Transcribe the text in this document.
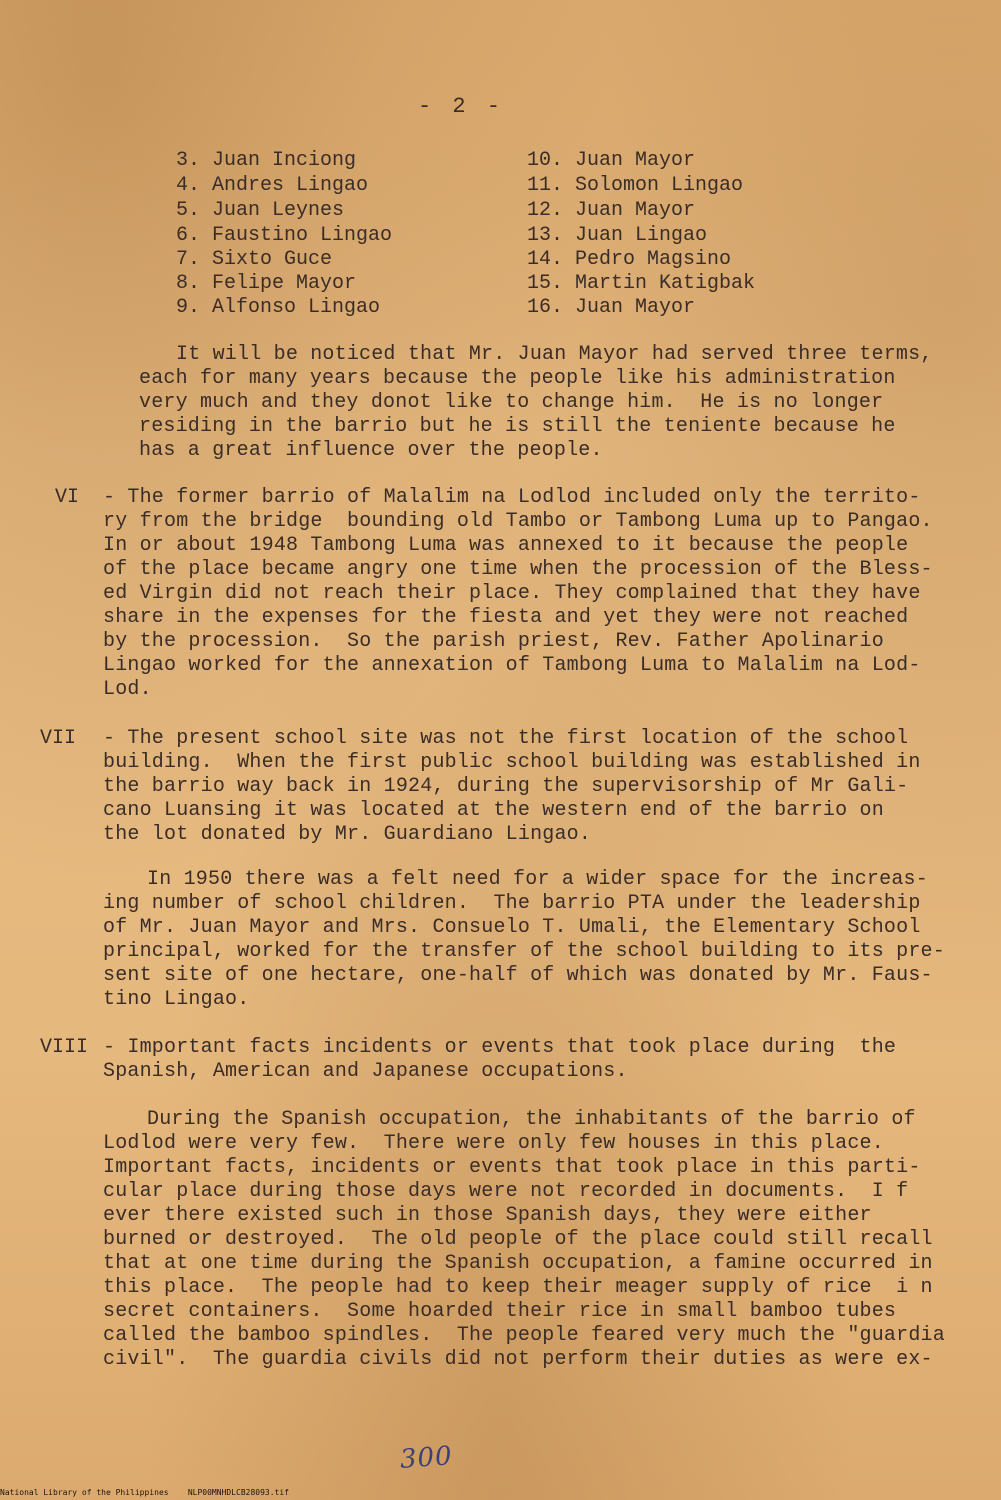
- 2 -
3. Juan Inciong
4. Andres Lingao
5. Juan Leynes
6. Faustino Lingao
7. Sixto Guce
8. Felipe Mayor
9. Alfonso Lingao
10. Juan Mayor
11. Solomon Lingao
12. Juan Mayor
13. Juan Lingao
14. Pedro Magsino
15. Martin Katigbak
16. Juan Mayor
It will be noticed that Mr. Juan Mayor had served three terms,
each for many years because the people like his administration
very much and they donot like to change him.  He is no longer
residing in the barrio but he is still the teniente because he
has a great influence over the people.
VI - The former barrio of Malalim na Lodlod included only the territo-
ry from the bridge  bounding old Tambo or Tambong Luma up to Pangao.
In or about 1948 Tambong Luma was annexed to it because the people
of the place became angry one time when the procession of the Bless-
ed Virgin did not reach their place. They complained that they have
share in the expenses for the fiesta and yet they were not reached
by the procession.  So the parish priest, Rev. Father Apolinario
Lingao worked for the annexation of Tambong Luma to Malalim na Lod-
Lod.
VII - The present school site was not the first location of the school
building.  When the first public school building was established in
the barrio way back in 1924, during the supervisorship of Mr Gali-
cano Luansing it was located at the western end of the barrio on
the lot donated by Mr. Guardiano Lingao.
In 1950 there was a felt need for a wider space for the increas-
ing number of school children.  The barrio PTA under the leadership
of Mr. Juan Mayor and Mrs. Consuelo T. Umali, the Elementary School
principal, worked for the transfer of the school building to its pre-
sent site of one hectare, one-half of which was donated by Mr. Faus-
tino Lingao.
VIII - Important facts incidents or events that took place during  the
Spanish, American and Japanese occupations.
During the Spanish occupation, the inhabitants of the barrio of
Lodlod were very few.  There were only few houses in this place.
Important facts, incidents or events that took place in this parti-
cular place during those days were not recorded in documents.  I f
ever there existed such in those Spanish days, they were either
burned or destroyed.  The old people of the place could still recall
that at one time during the Spanish occupation, a famine occurred in
this place.  The people had to keep their meager supply of rice  i n
secret containers.  Some hoarded their rice in small bamboo tubes
called the bamboo spindles.  The people feared very much the "guardia
civil".  The guardia civils did not perform their duties as were ex-
300
National Library of the Philippines    NLP00MNHDLCB28093.tif
